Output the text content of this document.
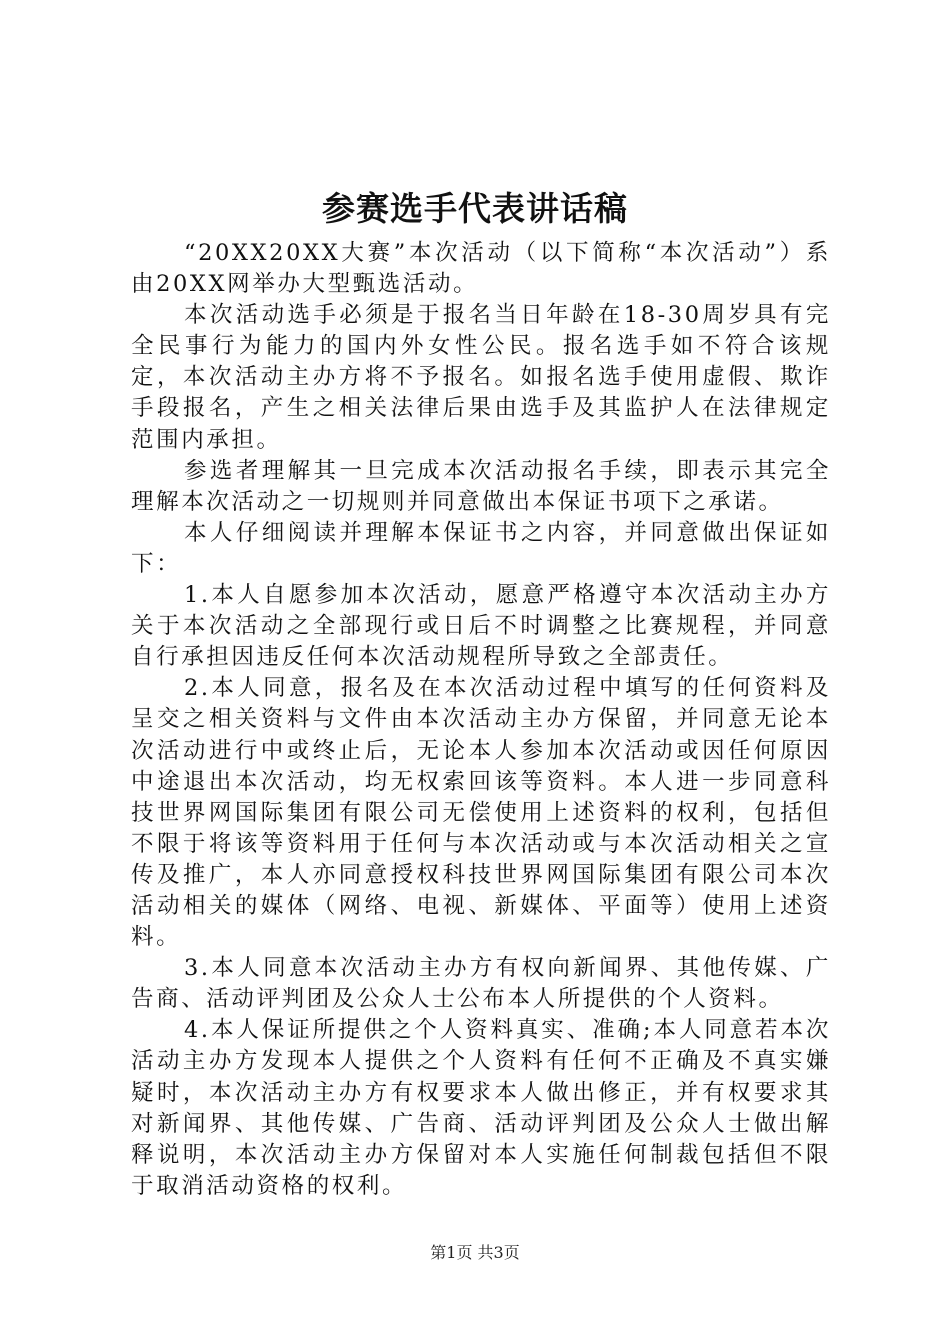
参赛选手代表讲话稿

“20XX20XX大赛”本次活动（以下简称“本次活动”）系由20XX网举办大型甄选活动。

本次活动选手必须是于报名当日年龄在18-30周岁具有完全民事行为能力的国内外女性公民。报名选手如不符合该规定，本次活动主办方将不予报名。如报名选手使用虚假、欺诈手段报名，产生之相关法律后果由选手及其监护人在法律规定范围内承担。

参选者理解其一旦完成本次活动报名手续，即表示其完全理解本次活动之一切规则并同意做出本保证书项下之承诺。

本人仔细阅读并理解本保证书之内容，并同意做出保证如下：

1.本人自愿参加本次活动，愿意严格遵守本次活动主办方关于本次活动之全部现行或日后不时调整之比赛规程，并同意自行承担因违反任何本次活动规程所导致之全部责任。

2.本人同意，报名及在本次活动过程中填写的任何资料及呈交之相关资料与文件由本次活动主办方保留，并同意无论本次活动进行中或终止后，无论本人参加本次活动或因任何原因中途退出本次活动，均无权索回该等资料。本人进一步同意科技世界网国际集团有限公司无偿使用上述资料的权利，包括但不限于将该等资料用于任何与本次活动或与本次活动相关之宣传及推广，本人亦同意授权科技世界网国际集团有限公司本次活动相关的媒体（网络、电视、新媒体、平面等）使用上述资料。

3.本人同意本次活动主办方有权向新闻界、其他传媒、广告商、活动评判团及公众人士公布本人所提供的个人资料。

4.本人保证所提供之个人资料真实、准确;本人同意若本次活动主办方发现本人提供之个人资料有任何不正确及不真实嫌疑时，本次活动主办方有权要求本人做出修正，并有权要求其对新闻界、其他传媒、广告商、活动评判团及公众人士做出解释说明，本次活动主办方保留对本人实施任何制裁包括但不限于取消活动资格的权利。

第1页 共3页
